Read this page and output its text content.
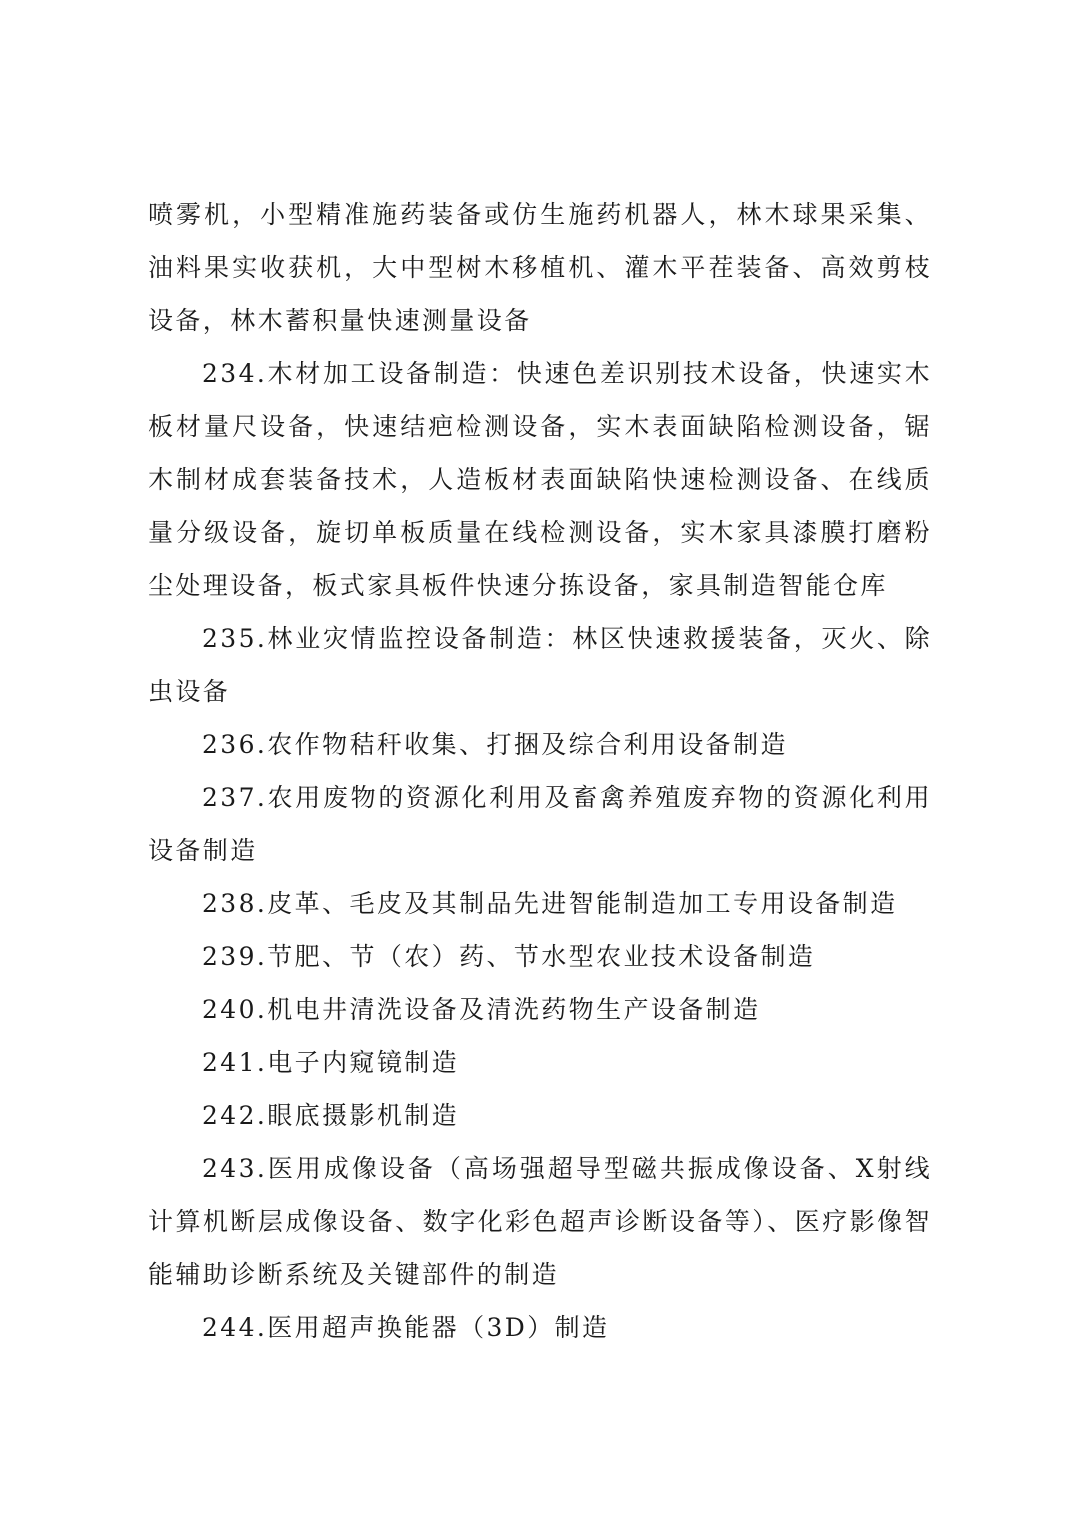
喷雾机，小型精准施药装备或仿生施药机器人，林木球果采集、油料果实收获机，大中型树木移植机、灌木平茬装备、高效剪枝设备，林木蓄积量快速测量设备

234.木材加工设备制造：快速色差识别技术设备，快速实木板材量尺设备，快速结疤检测设备，实木表面缺陷检测设备，锯木制材成套装备技术，人造板材表面缺陷快速检测设备、在线质量分级设备，旋切单板质量在线检测设备，实木家具漆膜打磨粉尘处理设备，板式家具板件快速分拣设备，家具制造智能仓库

235.林业灾情监控设备制造：林区快速救援装备，灭火、除虫设备

236.农作物秸秆收集、打捆及综合利用设备制造

237.农用废物的资源化利用及畜禽养殖废弃物的资源化利用设备制造

238.皮革、毛皮及其制品先进智能制造加工专用设备制造

239.节肥、节（农）药、节水型农业技术设备制造

240.机电井清洗设备及清洗药物生产设备制造

241.电子内窥镜制造

242.眼底摄影机制造

243.医用成像设备（高场强超导型磁共振成像设备、X射线计算机断层成像设备、数字化彩色超声诊断设备等）、医疗影像智能辅助诊断系统及关键部件的制造

244.医用超声换能器（3D）制造
